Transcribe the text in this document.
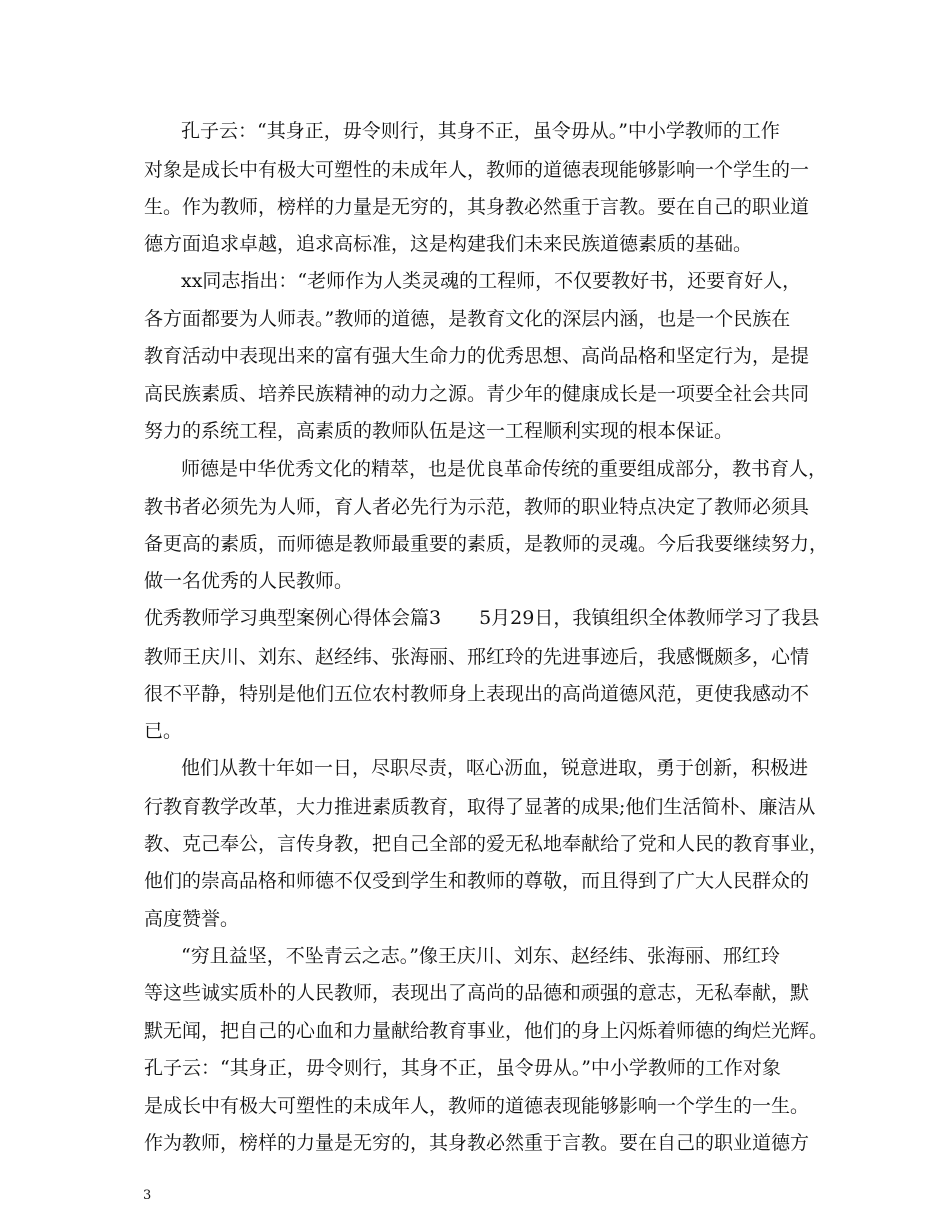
孔子云：“其身正，毋令则行，其身不正，虽令毋从。”中小学教师的工作
对象是成长中有极大可塑性的未成年人，教师的道德表现能够影响一个学生的一
生。作为教师，榜样的力量是无穷的，其身教必然重于言教。要在自己的职业道
德方面追求卓越，追求高标准，这是构建我们未来民族道德素质的基础。
xx同志指出：“老师作为人类灵魂的工程师，不仅要教好书，还要育好人，
各方面都要为人师表。”教师的道德，是教育文化的深层内涵，也是一个民族在
教育活动中表现出来的富有强大生命力的优秀思想、高尚品格和坚定行为，是提
高民族素质、培养民族精神的动力之源。青少年的健康成长是一项要全社会共同
努力的系统工程，高素质的教师队伍是这一工程顺利实现的根本保证。
师德是中华优秀文化的精萃，也是优良革命传统的重要组成部分，教书育人，
教书者必须先为人师，育人者必先行为示范，教师的职业特点决定了教师必须具
备更高的素质，而师德是教师最重要的素质，是教师的灵魂。今后我要继续努力，
做一名优秀的人民教师。
优秀教师学习典型案例心得体会篇3　　5月29日，我镇组织全体教师学习了我县
教师王庆川、刘东、赵经纬、张海丽、邢红玲的先进事迹后，我感慨颇多，心情
很不平静，特别是他们五位农村教师身上表现出的高尚道德风范，更使我感动不
已。
他们从教十年如一日，尽职尽责，呕心沥血，锐意进取，勇于创新，积极进
行教育教学改革，大力推进素质教育，取得了显著的成果;他们生活简朴、廉洁从
教、克己奉公，言传身教，把自己全部的爱无私地奉献给了党和人民的教育事业，
他们的崇高品格和师德不仅受到学生和教师的尊敬，而且得到了广大人民群众的
高度赞誉。
“穷且益坚，不坠青云之志。”像王庆川、刘东、赵经纬、张海丽、邢红玲
等这些诚实质朴的人民教师，表现出了高尚的品德和顽强的意志，无私奉献，默
默无闻，把自己的心血和力量献给教育事业，他们的身上闪烁着师德的绚烂光辉。
孔子云：“其身正，毋令则行，其身不正，虽令毋从。”中小学教师的工作对象
是成长中有极大可塑性的未成年人，教师的道德表现能够影响一个学生的一生。
作为教师，榜样的力量是无穷的，其身教必然重于言教。要在自己的职业道德方
3
